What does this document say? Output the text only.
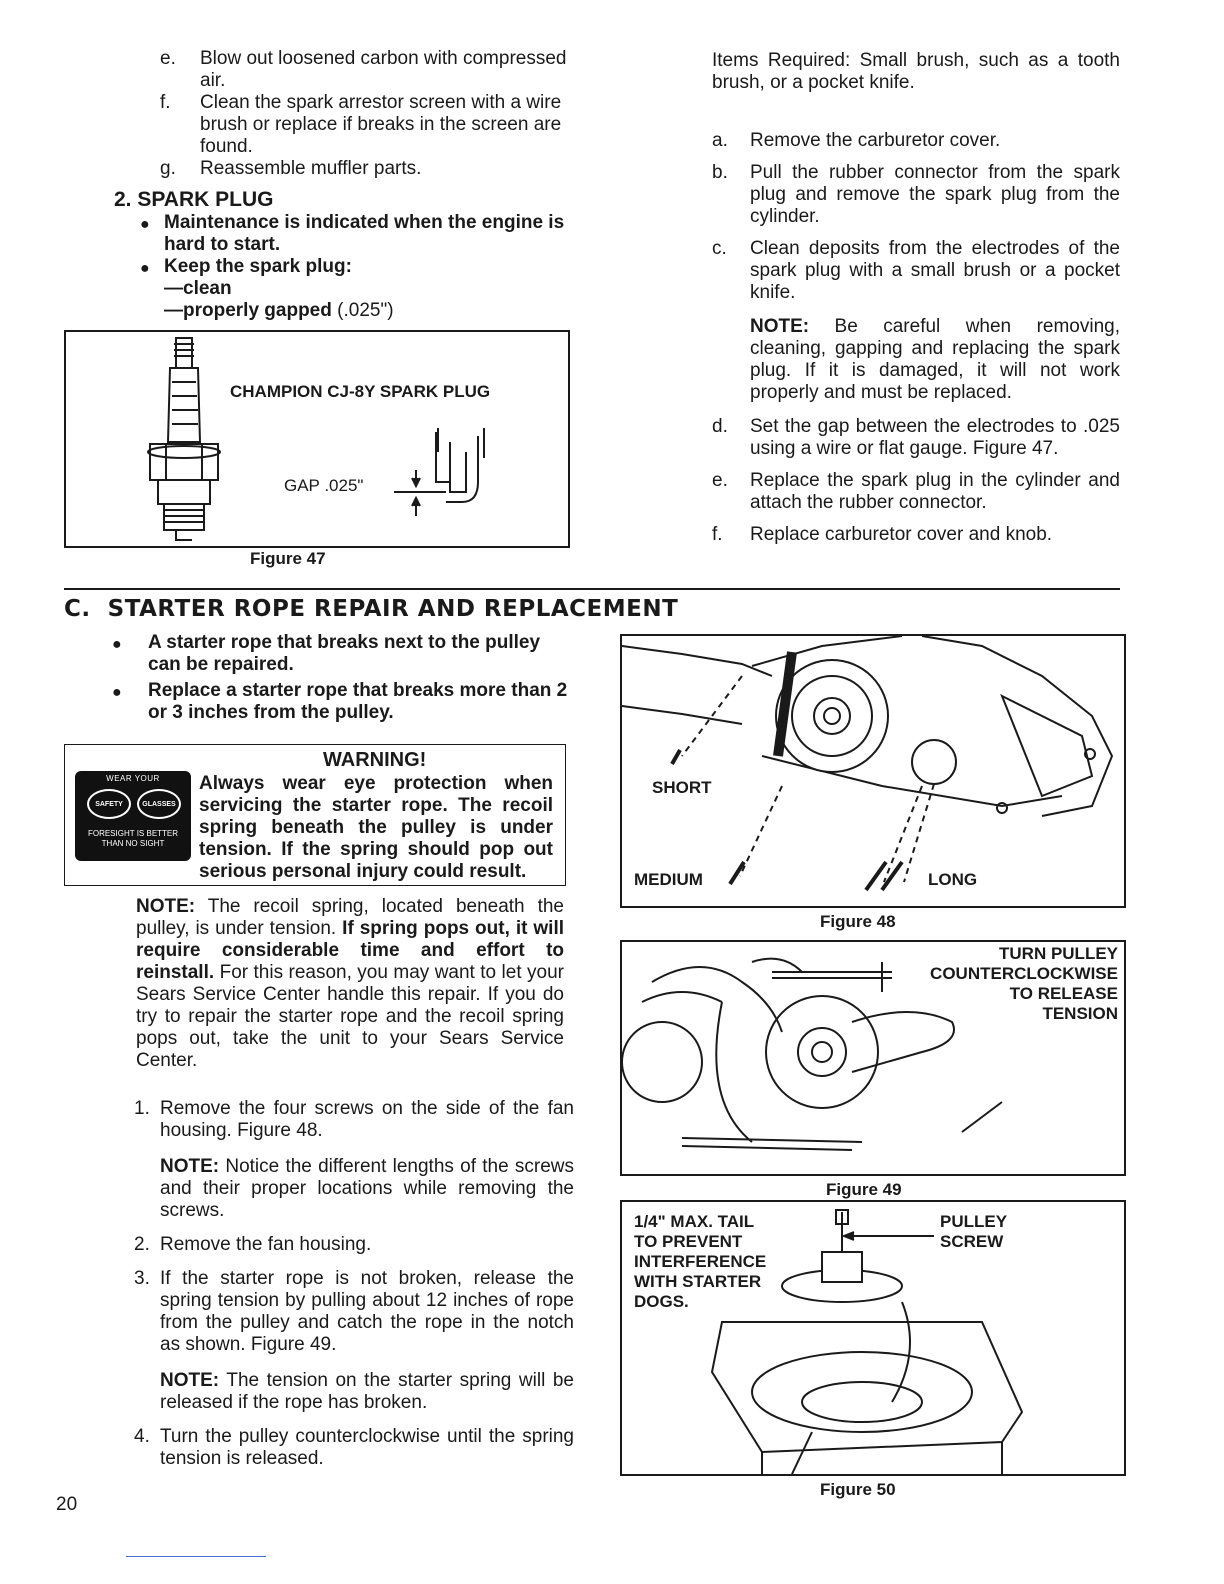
e.	Blow out loosened carbon with compressed air.
f.	Clean the spark arrestor screen with a wire brush or replace if breaks in the screen are found.
g.	Reassemble muffler parts.
2. SPARK PLUG
● Maintenance is indicated when the engine is hard to start.
● Keep the spark plug:
—clean
—properly gapped (.025")
CHAMPION CJ-8Y SPARK PLUG
GAP .025"
Figure 47
Items Required: Small brush, such as a tooth brush, or a pocket knife.
a.	Remove the carburetor cover.
b.	Pull the rubber connector from the spark plug and remove the spark plug from the cylinder.
c.	Clean deposits from the electrodes of the spark plug with a small brush or a pocket knife.
NOTE: Be careful when removing, cleaning, gapping and replacing the spark plug. If it is damaged, it will not work properly and must be replaced.
d.	Set the gap between the electrodes to .025 using a wire or flat gauge. Figure 47.
e.	Replace the spark plug in the cylinder and attach the rubber connector.
f.	Replace carburetor cover and knob.
C.  STARTER ROPE REPAIR AND REPLACEMENT
● A starter rope that breaks next to the pulley can be repaired.
● Replace a starter rope that breaks more than 2 or 3 inches from the pulley.
WEAR YOUR
SAFETY	GLASSES
FORESIGHT IS BETTER THAN NO SIGHT
WARNING!
Always wear eye protection when servicing the starter rope. The recoil spring beneath the pulley is under tension. If the spring should pop out serious personal injury could result.
NOTE: The recoil spring, located beneath the pulley, is under tension. If spring pops out, it will require considerable time and effort to reinstall. For this reason, you may want to let your Sears Service Center handle this repair. If you do try to repair the starter rope and the recoil spring pops out, take the unit to your Sears Service Center.
1. Remove the four screws on the side of the fan housing. Figure 48.
NOTE: Notice the different lengths of the screws and their proper locations while removing the screws.
2. Remove the fan housing.
3. If the starter rope is not broken, release the spring tension by pulling about 12 inches of rope from the pulley and catch the rope in the notch as shown. Figure 49.
NOTE: The tension on the starter spring will be released if the rope has broken.
4. Turn the pulley counterclockwise until the spring tension is released.
SHORT
MEDIUM	LONG
Figure 48
TURN PULLEY
COUNTERCLOCKWISE
TO RELEASE
TENSION
Figure 49
1/4" MAX. TAIL
TO PREVENT
INTERFERENCE
WITH STARTER
DOGS.
PULLEY
SCREW
Figure 50
20
